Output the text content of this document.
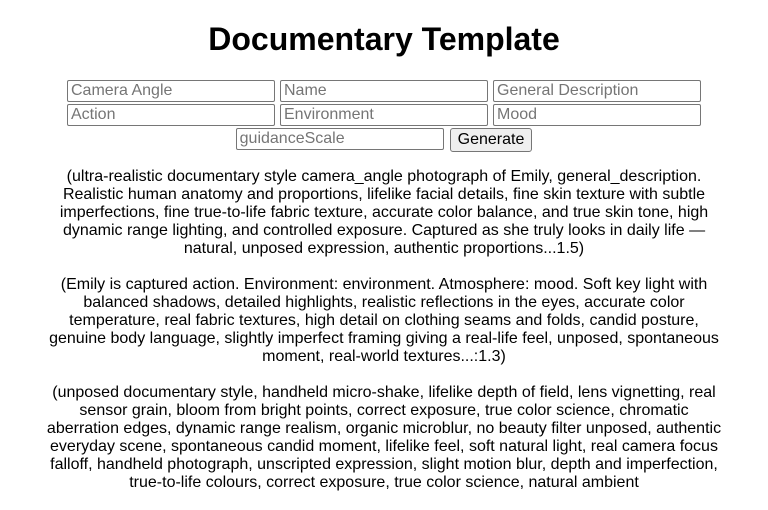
Documentary Template
Camera Angle
Name
General Description
Action
Environment
Mood
guidanceScale
Generate

(ultra-realistic documentary style camera_angle photograph of Emily, general_description. Realistic human anatomy and proportions, lifelike facial details, fine skin texture with subtle imperfections, fine true-to-life fabric texture, accurate color balance, and true skin tone, high dynamic range lighting, and controlled exposure. Captured as she truly looks in daily life — natural, unposed expression, authentic proportions...1.5)

(Emily is captured action. Environment: environment. Atmosphere: mood. Soft key light with balanced shadows, detailed highlights, realistic reflections in the eyes, accurate color temperature, real fabric textures, high detail on clothing seams and folds, candid posture, genuine body language, slightly imperfect framing giving a real-life feel, unposed, spontaneous moment, real-world textures...:1.3)

(unposed documentary style, handheld micro-shake, lifelike depth of field, lens vignetting, real sensor grain, bloom from bright points, correct exposure, true color science, chromatic aberration edges, dynamic range realism, organic microblur, no beauty filter unposed, authentic everyday scene, spontaneous candid moment, lifelike feel, soft natural light, real camera focus falloff, handheld photograph, unscripted expression, slight motion blur, depth and imperfection, true-to-life colours, correct exposure, true color science, natural ambient
